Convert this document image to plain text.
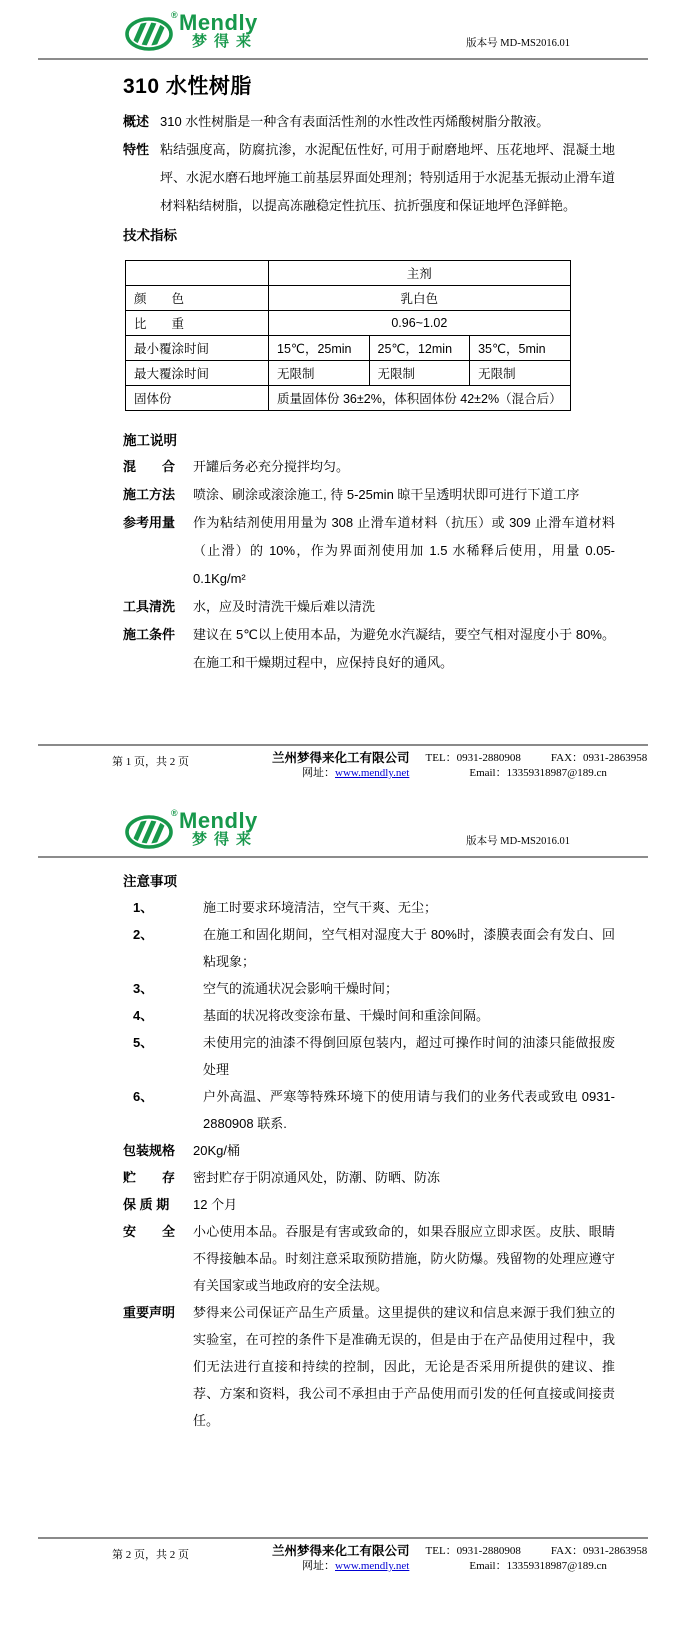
® Mendly
梦得来	版本号 MD-MS2016.01
310 水性树脂
概述 310 水性树脂是一种含有表面活性剂的水性改性丙烯酸树脂分散液。
特性 粘结强度高，防腐抗渗，水泥配伍性好, 可用于耐磨地坪、压花地坪、混凝土地坪、水泥水磨石地坪施工前基层界面处理剂；特别适用于水泥基无振动止滑车道材料粘结树脂，以提高冻融稳定性抗压、抗折强度和保证地坪色泽鲜艳。
技术指标
	主剂		
颜　　色	乳白色		
比　　重	0.96~1.02		
最小覆涂时间	15℃，25min	25℃，12min	35℃，5min
最大覆涂时间	无限制	无限制	无限制
固体份	质量固体份 36±2%，体积固体份 42±2%（混合后）		
施工说明
混　　合	开罐后务必充分搅拌均匀。
施工方法	喷涂、刷涂或滚涂施工, 待 5-25min 晾干呈透明状即可进行下道工序
参考用量	作为粘结剂使用用量为 308 止滑车道材料（抗压）或 309 止滑车道材料（止滑）的 10%，作为界面剂使用加 1.5 水稀释后使用，用量 0.05-0.1Kg/m²
工具清洗	水，应及时清洗干燥后难以清洗
施工条件	建议在 5℃以上使用本品，为避免水汽凝结，要空气相对湿度小于 80%。在施工和干燥期过程中，应保持良好的通风。
第 1 页，共 2 页	兰州梦得来化工有限公司 TEL：0931-2880908	FAX：0931-2863958
网址： www.mendly.net	Email：13359318987@189.cn
® Mendly
梦得来	版本号 MD-MS2016.01
注意事项
1、	施工时要求环境清洁，空气干爽、无尘；
2、	在施工和固化期间，空气相对湿度大于 80%时，漆膜表面会有发白、回粘现象；
3、	空气的流通状况会影响干燥时间；
4、	基面的状况将改变涂布量、干燥时间和重涂间隔。
5、	未使用完的油漆不得倒回原包装内，超过可操作时间的油漆只能做报废处理
6、	户外高温、严寒等特殊环境下的使用请与我们的业务代表或致电 0931-2880908 联系.
包装规格	20Kg/桶
贮　　存	密封贮存于阴凉通风处，防潮、防晒、防冻
保 质 期	12 个月
安　　全	小心使用本品。吞服是有害或致命的，如果吞服应立即求医。皮肤、眼睛不得接触本品。时刻注意采取预防措施，防火防爆。残留物的处理应遵守有关国家或当地政府的安全法规。
重要声明	梦得来公司保证产品生产质量。这里提供的建议和信息来源于我们独立的实验室，在可控的条件下是准确无误的，但是由于在产品使用过程中，我们无法进行直接和持续的控制，因此，无论是否采用所提供的建议、推荐、方案和资料，我公司不承担由于产品使用而引发的任何直接或间接责任。
第 2 页，共 2 页	兰州梦得来化工有限公司 TEL：0931-2880908	FAX：0931-2863958
网址： www.mendly.net	Email：13359318987@189.cn
